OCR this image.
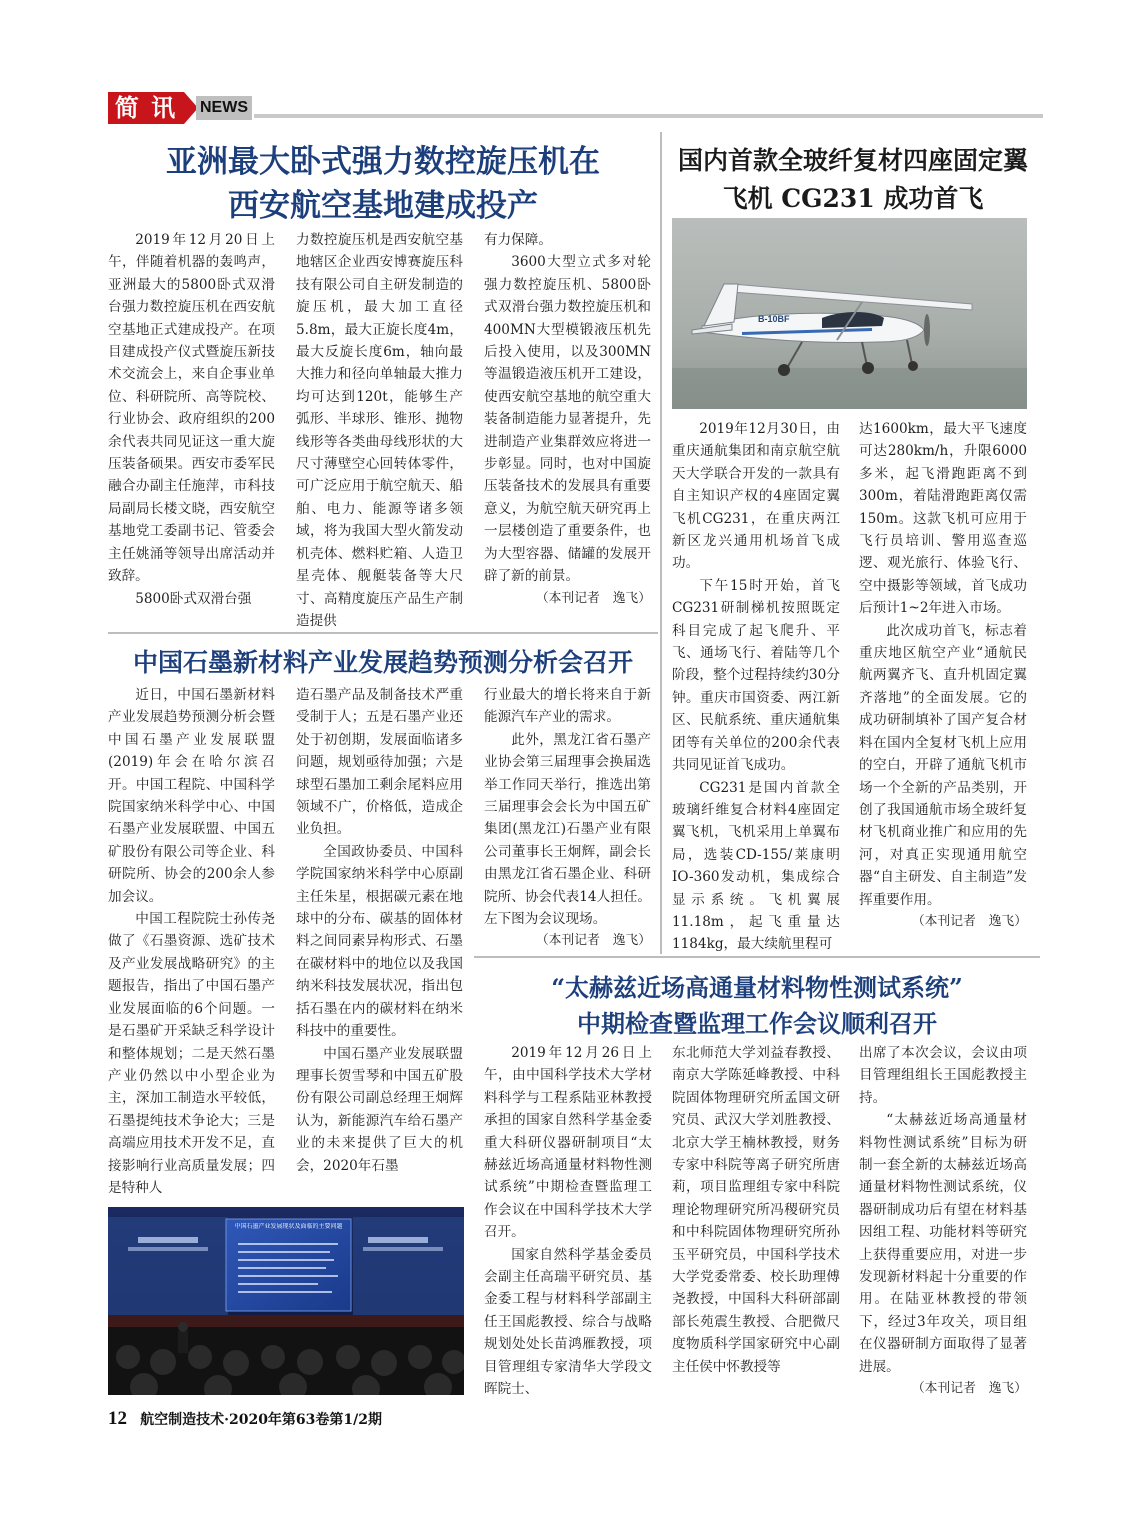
简 讯	NEWS
亚洲最大卧式强力数控旋压机在
西安航空基地建成投产

2019年12月20日上午，伴随着机器的轰鸣声，亚洲最大的5800卧式双滑台强力数控旋压机在西安航空基地正式建成投产。在项目建成投产仪式暨旋压新技术交流会上，来自企事业单位、科研院所、高等院校、行业协会、政府组织的200余代表共同见证这一重大旋压装备硕果。西安市委军民融合办副主任施萍，市科技局副局长楼文晓，西安航空基地党工委副书记、管委会主任姚涌等领导出席活动并致辞。

5800卧式双滑台强

力数控旋压机是西安航空基地辖区企业西安博赛旋压科技有限公司自主研发制造的旋压机，最大加工直径5.8m，最大正旋长度4m，最大反旋长度6m，轴向最大推力和径向单轴最大推力均可达到120t，能够生产弧形、半球形、锥形、抛物线形等各类曲母线形状的大尺寸薄壁空心回转体零件，可广泛应用于航空航天、船舶、电力、能源等诸多领域，将为我国大型火箭发动机壳体、燃料贮箱、人造卫星壳体、舰艇装备等大尺寸、高精度旋压产品生产制造提供

有力保障。

3600大型立式多对轮强力数控旋压机、5800卧式双滑台强力数控旋压机和400MN大型模锻液压机先后投入使用，以及300MN等温锻造液压机开工建设，使西安航空基地的航空重大装备制造能力显著提升，先进制造产业集群效应将进一步彰显。同时，也对中国旋压装备技术的发展具有重要意义，为航空航天研究再上一层楼创造了重要条件，也为大型容器、储罐的发展开辟了新的前景。

（本刊记者　逸飞）

中国石墨新材料产业发展趋势预测分析会召开

近日，中国石墨新材料产业发展趋势预测分析会暨中国石墨产业发展联盟(2019)年会在哈尔滨召开。中国工程院、中国科学院国家纳米科学中心、中国石墨产业发展联盟、中国五矿股份有限公司等企业、科研院所、协会的200余人参加会议。

中国工程院院士孙传尧做了《石墨资源、选矿技术及产业发展战略研究》的主题报告，指出了中国石墨产业发展面临的6个问题。一是石墨矿开采缺乏科学设计和整体规划；二是天然石墨产业仍然以中小型企业为主，深加工制造水平较低，石墨提纯技术争论大；三是高端应用技术开发不足，直接影响行业高质量发展；四是特种人

造石墨产品及制备技术严重受制于人；五是石墨产业还处于初创期，发展面临诸多问题，规划亟待加强；六是球型石墨加工剩余尾料应用领域不广，价格低，造成企业负担。

全国政协委员、中国科学院国家纳米科学中心原副主任朱星，根据碳元素在地球中的分布、碳基的固体材料之间同素异构形式、石墨在碳材料中的地位以及我国纳米科技发展状况，指出包括石墨在内的碳材料在纳米科技中的重要性。

中国石墨产业发展联盟理事长贺雪琴和中国五矿股份有限公司副总经理王炯辉认为，新能源汽车给石墨产业的未来提供了巨大的机会，2020年石墨

行业最大的增长将来自于新能源汽车产业的需求。

此外，黑龙江省石墨产业协会第三届理事会换届选举工作同天举行，推选出第三届理事会会长为中国五矿集团(黑龙江)石墨产业有限公司董事长王炯辉，副会长由黑龙江省石墨企业、科研院所、协会代表14人担任。左下图为会议现场。

（本刊记者　逸飞）

中国石墨产业发展现状及面临的主要问题
国内首款全玻纤复材四座固定翼
飞机 CG231 成功首飞
B-10BF

2019年12月30日，由重庆通航集团和南京航空航天大学联合开发的一款具有自主知识产权的4座固定翼飞机CG231，在重庆两江新区龙兴通用机场首飞成功。

下午15时开始，首飞CG231研制梯机按照既定科目完成了起飞爬升、平飞、通场飞行、着陆等几个阶段，整个过程持续约30分钟。重庆市国资委、两江新区、民航系统、重庆通航集团等有关单位的200余代表共同见证首飞成功。

CG231是国内首款全玻璃纤维复合材料4座固定翼飞机，飞机采用上单翼布局，选装CD-155/莱康明IO-360发动机，集成综合显示系统。飞机翼展11.18m，起飞重量达1184kg，最大续航里程可

达1600km，最大平飞速度可达280km/h，升限6000多米，起飞滑跑距离不到300m，着陆滑跑距离仅需150m。这款飞机可应用于飞行员培训、警用巡查巡逻、观光旅行、体验飞行、空中摄影等领域，首飞成功后预计1~2年进入市场。

此次成功首飞，标志着重庆地区航空产业“通航民航两翼齐飞、直升机固定翼齐落地”的全面发展。它的成功研制填补了国产复合材料在国内全复材飞机上应用的空白，开辟了通航飞机市场一个全新的产品类别，开创了我国通航市场全玻纤复材飞机商业推广和应用的先河，对真正实现通用航空器“自主研发、自主制造”发挥重要作用。

（本刊记者　逸飞）

“太赫兹近场高通量材料物性测试系统”
中期检查暨监理工作会议顺利召开

2019年12月26日上午，由中国科学技术大学材料科学与工程系陆亚林教授承担的国家自然科学基金委重大科研仪器研制项目“太赫兹近场高通量材料物性测试系统”中期检查暨监理工作会议在中国科学技术大学召开。

国家自然科学基金委员会副主任高瑞平研究员、基金委工程与材料科学部副主任王国彪教授、综合与战略规划处处长苗鸿雁教授，项目管理组专家清华大学段文晖院士、

东北师范大学刘益春教授、南京大学陈延峰教授、中科院固体物理研究所孟国文研究员、武汉大学刘胜教授、北京大学王楠林教授，财务专家中科院等离子研究所唐莉，项目监理组专家中科院理论物理研究所冯稷研究员和中科院固体物理研究所孙玉平研究员，中国科学技术大学党委常委、校长助理傅尧教授，中国科大科研部副部长苑震生教授、合肥微尺度物质科学国家研究中心副主任侯中怀教授等

出席了本次会议，会议由项目管理组组长王国彪教授主持。

“太赫兹近场高通量材料物性测试系统”目标为研制一套全新的太赫兹近场高通量材料物性测试系统，仪器研制成功后有望在材料基因组工程、功能材料等研究上获得重要应用，对进一步发现新材料起十分重要的作用。在陆亚林教授的带领下，经过3年攻关，项目组在仪器研制方面取得了显著进展。

（本刊记者　逸飞）

12 航空制造技术·2020年第63卷第1/2期
